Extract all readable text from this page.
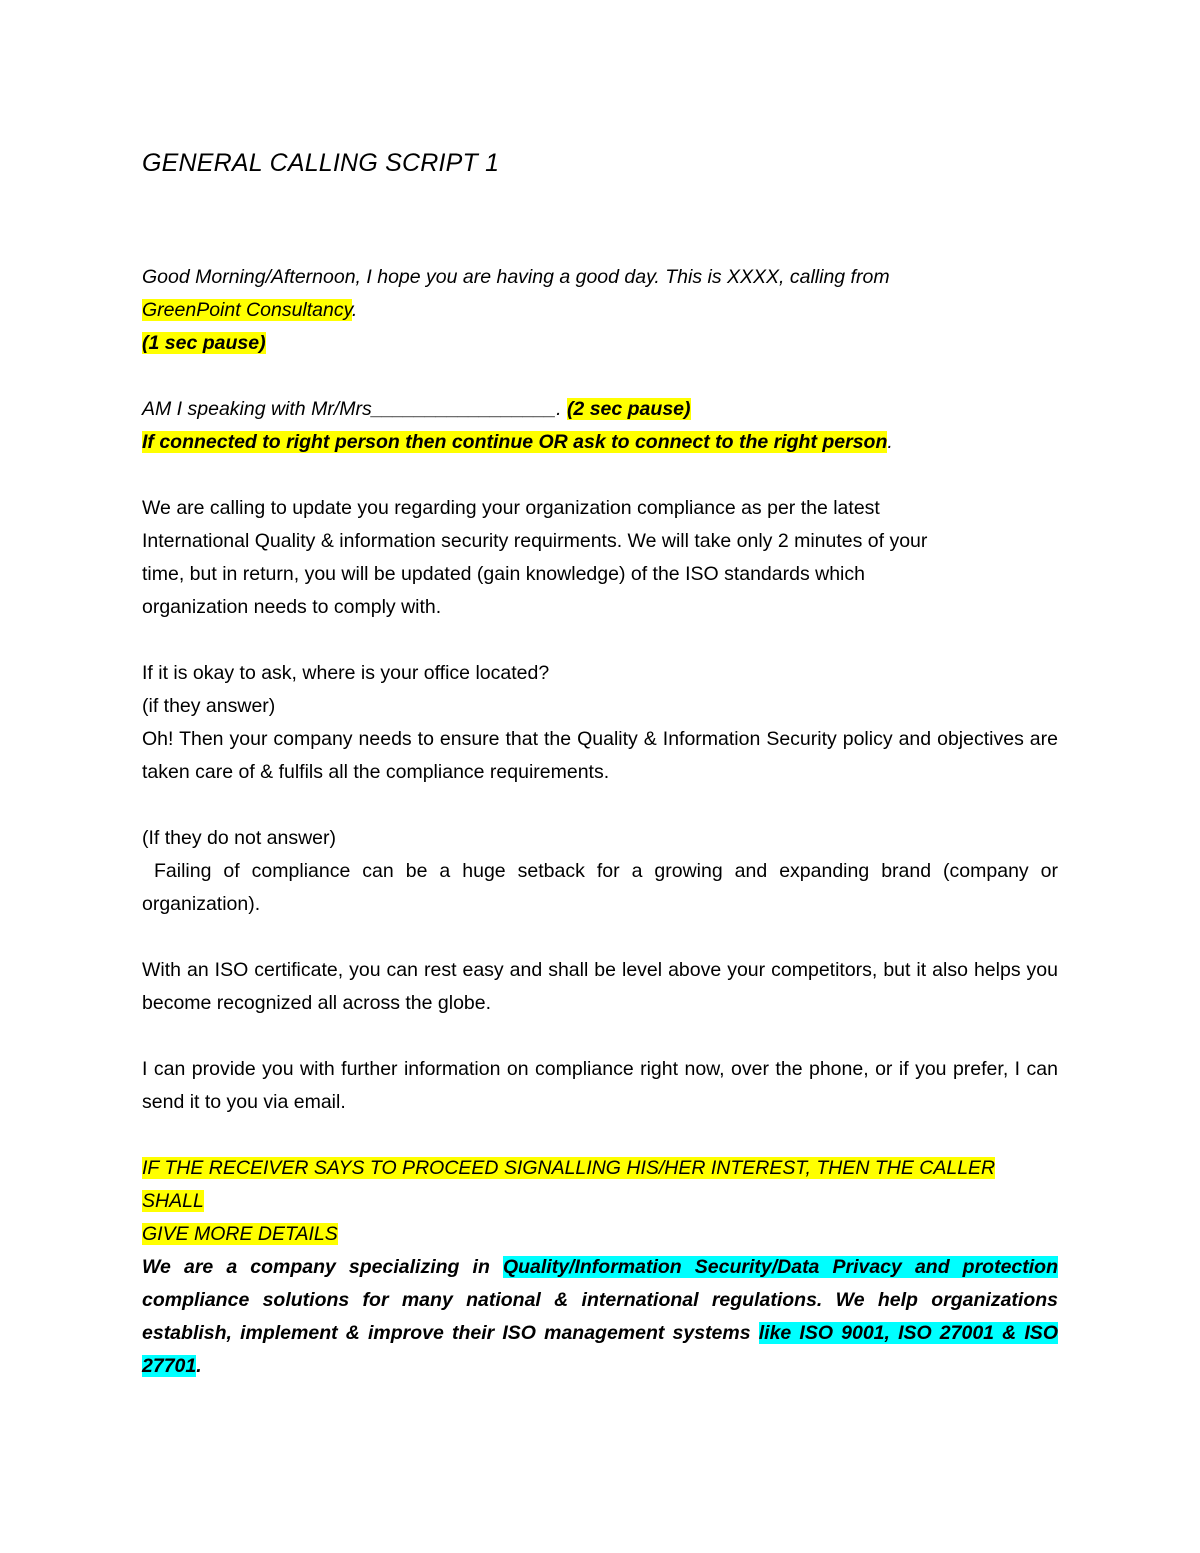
GENERAL CALLING SCRIPT 1

Good Morning/Afternoon, I hope you are having a good day. This is XXXX, calling from
GreenPoint Consultancy.

(1 sec pause)

AM I speaking with Mr/Mrs_________________. (2 sec pause)

If connected to right person then continue OR ask to connect to the right person.

We are calling to update you regarding your organization compliance as per the latest
International Quality & information security requirments. We will take only 2 minutes of your
time, but in return, you will be updated (gain knowledge) of the ISO standards which
organization needs to comply with.

If it is okay to ask, where is your office located?

(if they answer)

Oh! Then your company needs to ensure that the Quality & Information Security policy and objectives are taken care of & fulfils all the compliance requirements.

(If they do not answer)

Failing of compliance can be a huge setback for a growing and expanding brand (company or organization).

With an ISO certificate, you can rest easy and shall be level above your competitors, but it also helps you become recognized all across the globe.

I can provide you with further information on compliance right now, over the phone, or if you prefer, I can send it to you via email.

IF THE RECEIVER SAYS TO PROCEED SIGNALLING HIS/HER INTEREST, THEN THE CALLER SHALL
GIVE MORE DETAILS

We are a company specializing in Quality/Information Security/Data Privacy and protection compliance solutions for many national & international regulations. We help organizations establish, implement & improve their ISO management systems like ISO 9001, ISO 27001 & ISO 27701.
